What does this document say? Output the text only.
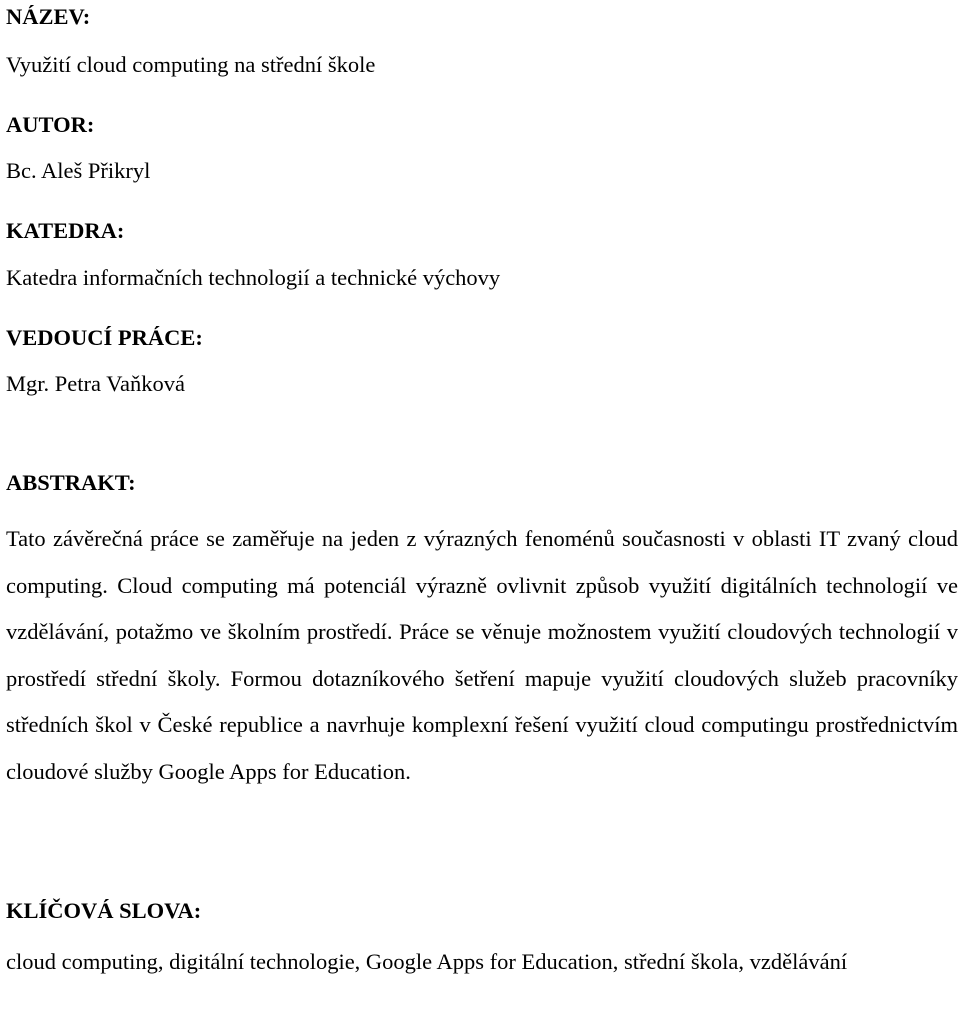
NÁZEV:
Využití cloud computing na střední škole
AUTOR:
Bc. Aleš Přikryl
KATEDRA:
Katedra informačních technologií a technické výchovy
VEDOUCÍ PRÁCE:
Mgr. Petra Vaňková
ABSTRAKT:

Tato závěrečná práce se zaměřuje na jeden z výrazných fenoménů současnosti v oblasti IT zvaný cloud computing. Cloud computing má potenciál výrazně ovlivnit způsob využití digitálních technologií ve vzdělávání, potažmo ve školním prostředí. Práce se věnuje možnostem využití cloudových technologií v prostředí střední školy. Formou dotazníkového šetření mapuje využití cloudových služeb pracovníky středních škol v České republice a navrhuje komplexní řešení využití cloud computingu prostřednictvím cloudové služby Google Apps for Education.

KLÍČOVÁ SLOVA:

cloud computing, digitální technologie, Google Apps for Education, střední škola, vzdělávání
